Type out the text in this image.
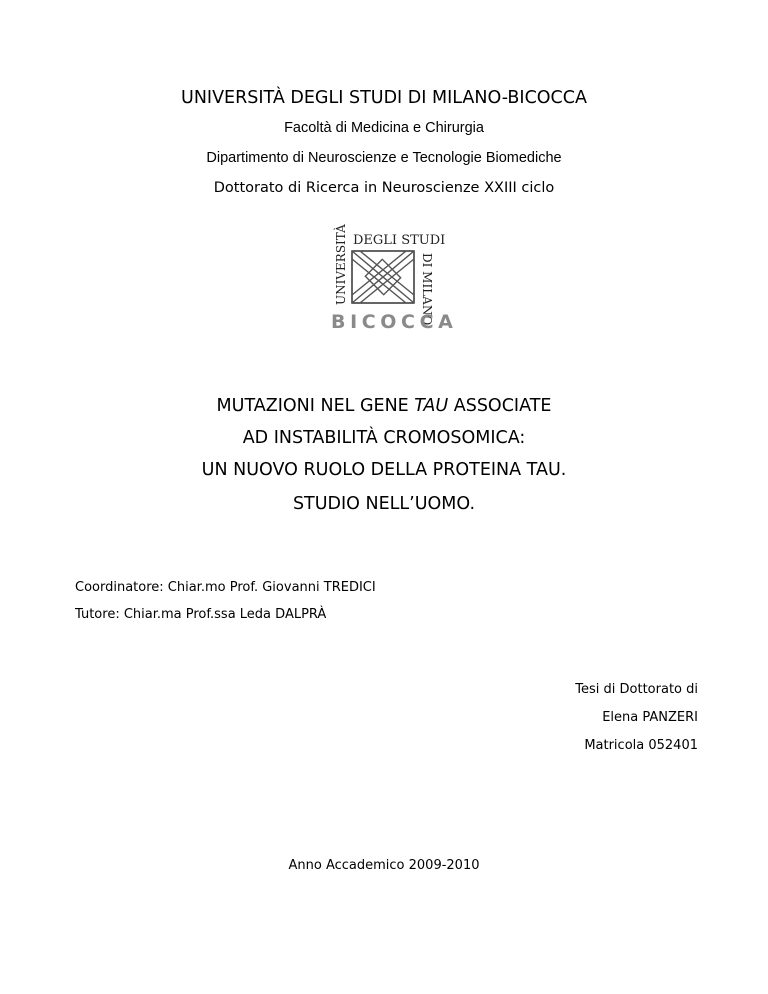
UNIVERSITÀ DEGLI STUDI DI MILANO-BICOCCA
Facoltà di Medicina e Chirurgia
Dipartimento di Neuroscienze e Tecnologie Biomediche
Dottorato di Ricerca in Neuroscienze XXIII ciclo
DEGLI STUDI
UNIVERSITÀ	DI MILANO
BICOCCA
MUTAZIONI NEL GENE TAU ASSOCIATE
AD INSTABILITÀ CROMOSOMICA:
UN NUOVO RUOLO DELLA PROTEINA TAU.
STUDIO NELL’UOMO.
Coordinatore: Chiar.mo Prof. Giovanni TREDICI
Tutore: Chiar.ma Prof.ssa Leda DALPRÀ
Tesi di Dottorato di
Elena PANZERI
Matricola 052401
Anno Accademico 2009-2010
